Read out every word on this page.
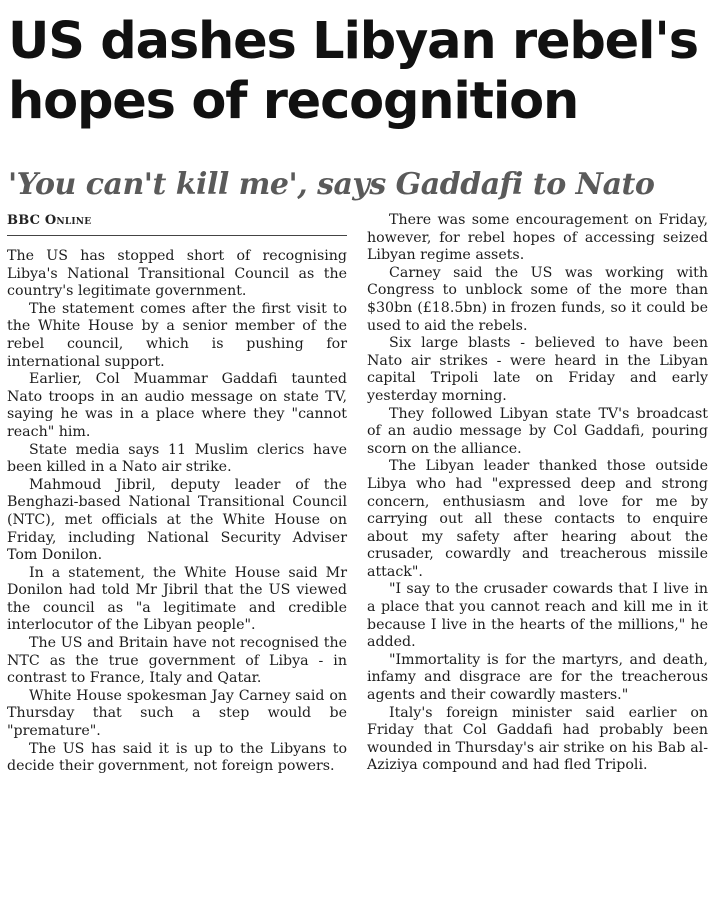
US dashes Libyan rebel's hopes of recognition
'You can't kill me', says Gaddafi to Nato
BBC Online

The US has stopped short of recognising Libya's National Transitional Council as the country's legitimate government.

The statement comes after the first visit to the White House by a senior member of the rebel council, which is pushing for international support.

Earlier, Col Muammar Gaddafi taunted Nato troops in an audio message on state TV, saying he was in a place where they "cannot reach" him.

State media says 11 Muslim clerics have been killed in a Nato air strike.

Mahmoud Jibril, deputy leader of the Benghazi-based National Transitional Council (NTC), met officials at the White House on Friday, including National Security Adviser Tom Donilon.

In a statement, the White House said Mr Donilon had told Mr Jibril that the US viewed the council as "a legitimate and credible interlocutor of the Libyan people".

The US and Britain have not recognised the NTC as the true government of Libya - in contrast to France, Italy and Qatar.

White House spokesman Jay Carney said on Thursday that such a step would be "premature".

The US has said it is up to the Libyans to decide their government, not foreign powers.

There was some encouragement on Friday, however, for rebel hopes of accessing seized Libyan regime assets.

Carney said the US was working with Congress to unblock some of the more than $30bn (£18.5bn) in frozen funds, so it could be used to aid the rebels.

Six large blasts - believed to have been Nato air strikes - were heard in the Libyan capital Tripoli late on Friday and early yesterday morning.

They followed Libyan state TV's broadcast of an audio message by Col Gaddafi, pouring scorn on the alliance.

The Libyan leader thanked those outside Libya who had "expressed deep and strong concern, enthusiasm and love for me by carrying out all these contacts to enquire about my safety after hearing about the crusader, cowardly and treacherous missile attack".

"I say to the crusader cowards that I live in a place that you cannot reach and kill me in it because I live in the hearts of the millions," he added.

"Immortality is for the martyrs, and death, infamy and disgrace are for the treacherous agents and their cowardly masters."

Italy's foreign minister said earlier on Friday that Col Gaddafi had probably been wounded in Thursday's air strike on his Bab al-Aziziya compound and had fled Tripoli.
